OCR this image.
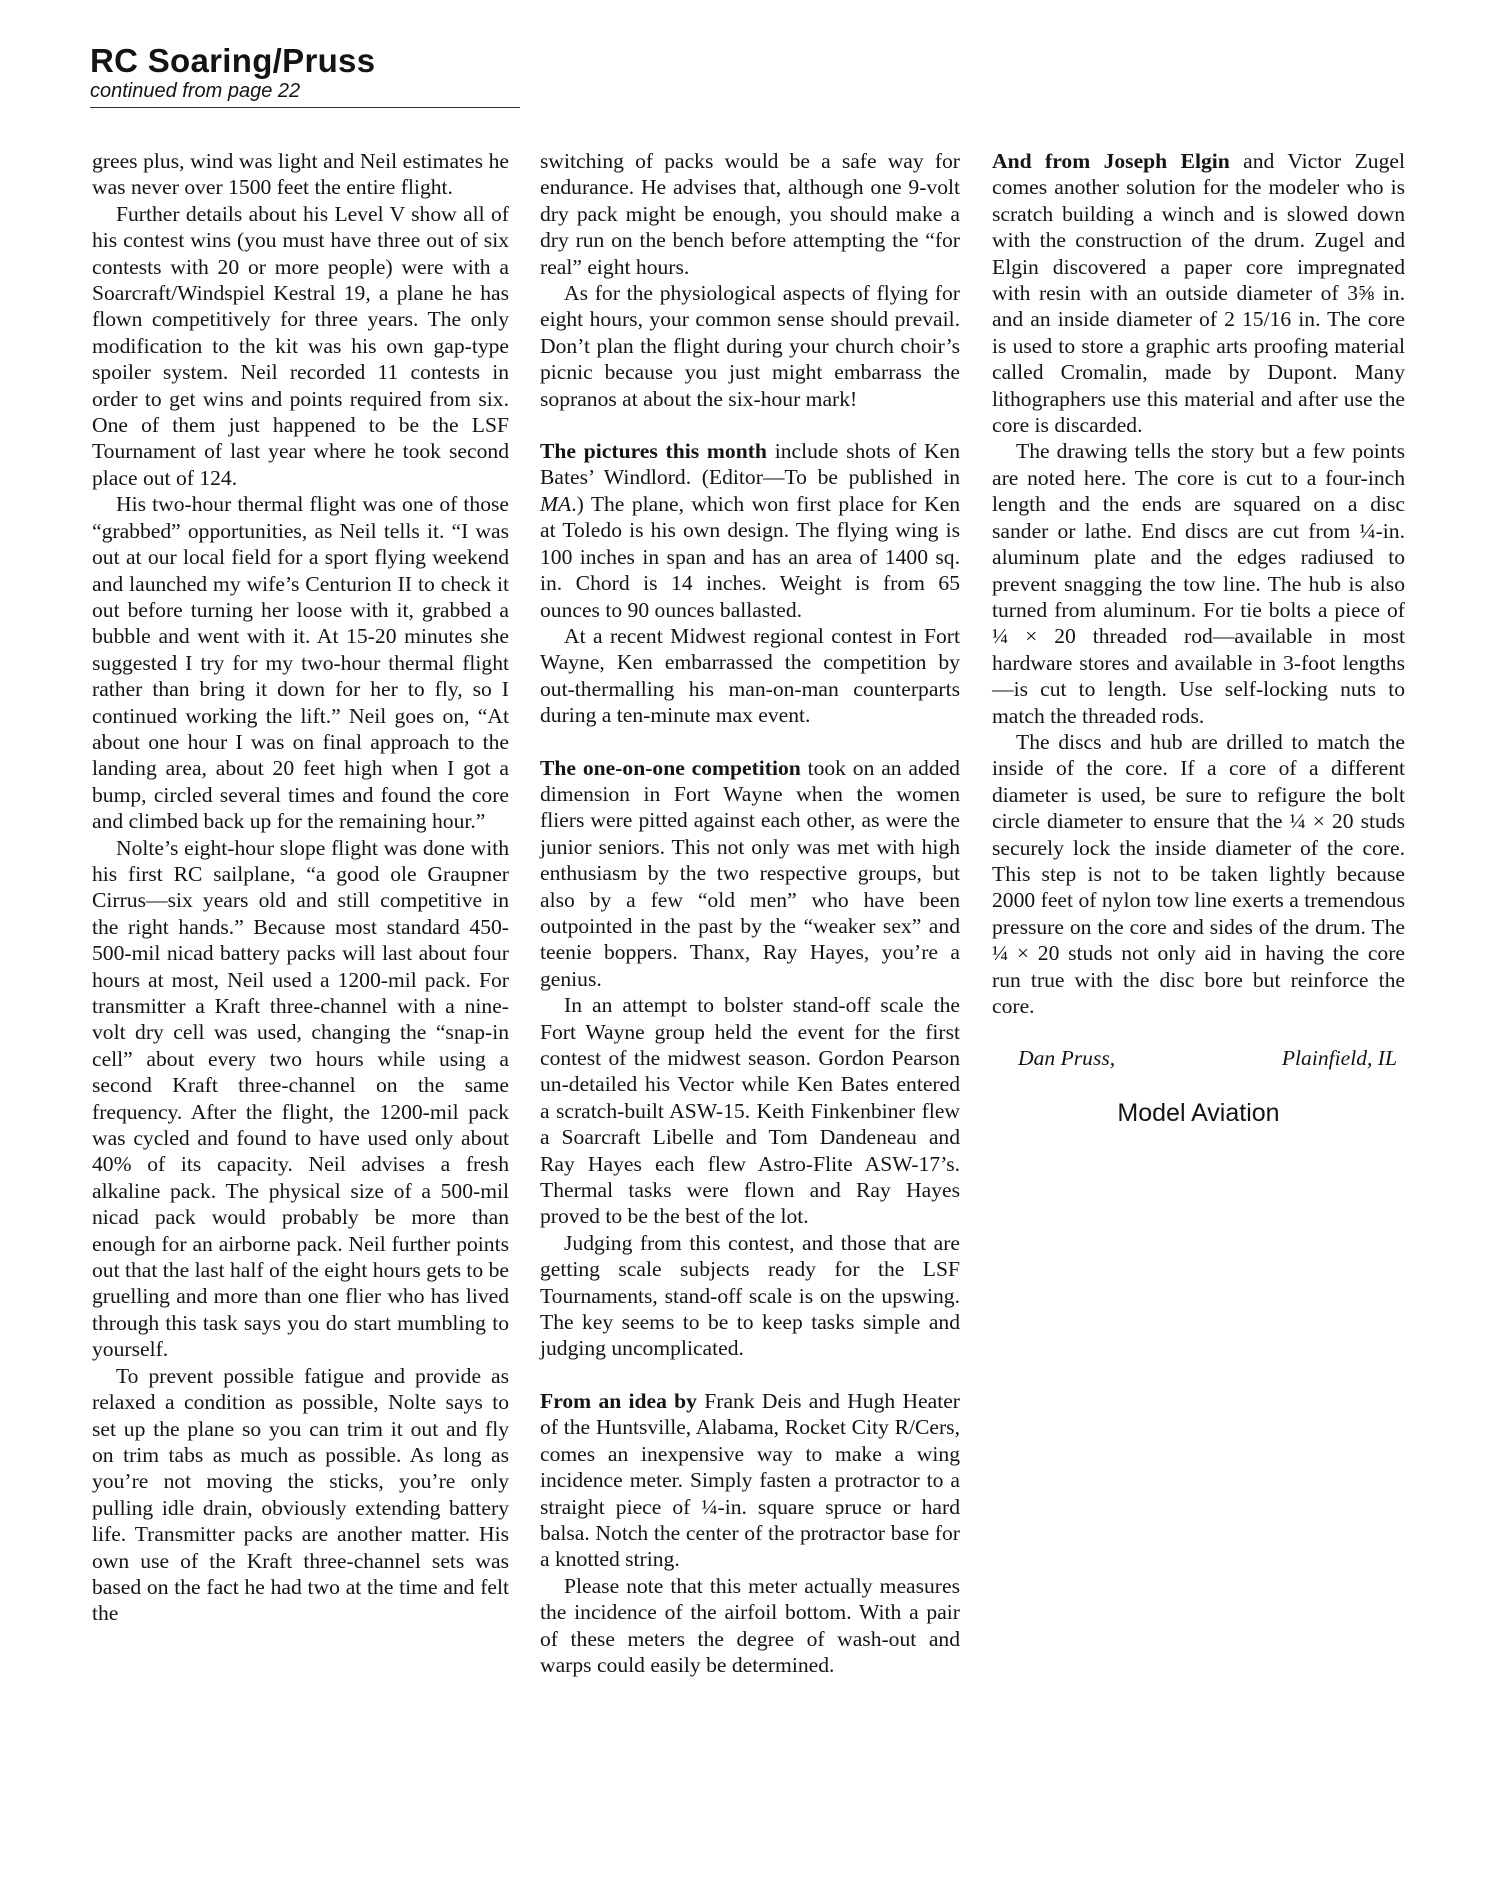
RC Soaring/Pruss

continued from page 22

grees plus, wind was light and Neil estimates he was never over 1500 feet the entire flight.

Further details about his Level V show all of his contest wins (you must have three out of six contests with 20 or more people) were with a Soarcraft/Windspiel Kestral 19, a plane he has flown competitively for three years. The only modification to the kit was his own gap-type spoiler system. Neil recorded 11 contests in order to get wins and points required from six. One of them just happened to be the LSF Tournament of last year where he took second place out of 124.

His two-hour thermal flight was one of those “grabbed” opportunities, as Neil tells it. “I was out at our local field for a sport flying weekend and launched my wife’s Centurion II to check it out before turning her loose with it, grabbed a bubble and went with it. At 15-20 minutes she suggested I try for my two-hour thermal flight rather than bring it down for her to fly, so I continued working the lift.” Neil goes on, “At about one hour I was on final approach to the landing area, about 20 feet high when I got a bump, circled several times and found the core and climbed back up for the remaining hour.”

Nolte’s eight-hour slope flight was done with his first RC sailplane, “a good ole Graupner Cirrus—six years old and still competitive in the right hands.” Because most standard 450-500-mil nicad battery packs will last about four hours at most, Neil used a 1200-mil pack. For transmitter a Kraft three-channel with a nine-volt dry cell was used, changing the “snap-in cell” about every two hours while using a second Kraft three-channel on the same frequency. After the flight, the 1200-mil pack was cycled and found to have used only about 40% of its capacity. Neil advises a fresh alkaline pack. The physical size of a 500-mil nicad pack would probably be more than enough for an airborne pack. Neil further points out that the last half of the eight hours gets to be gruelling and more than one flier who has lived through this task says you do start mumbling to yourself.

To prevent possible fatigue and provide as relaxed a condition as possible, Nolte says to set up the plane so you can trim it out and fly on trim tabs as much as possible. As long as you’re not moving the sticks, you’re only pulling idle drain, obviously extending battery life. Transmitter packs are another matter. His own use of the Kraft three-channel sets was based on the fact he had two at the time and felt the

switching of packs would be a safe way for endurance. He advises that, although one 9-volt dry pack might be enough, you should make a dry run on the bench before attempting the “for real” eight hours.

As for the physiological aspects of flying for eight hours, your common sense should prevail. Don’t plan the flight during your church choir’s picnic because you just might embarrass the sopranos at about the six-hour mark!

The pictures this month include shots of Ken Bates’ Windlord. (Editor—To be published in MA.) The plane, which won first place for Ken at Toledo is his own design. The flying wing is 100 inches in span and has an area of 1400 sq. in. Chord is 14 inches. Weight is from 65 ounces to 90 ounces ballasted.

At a recent Midwest regional contest in Fort Wayne, Ken embarrassed the competition by out-thermalling his man-on-man counterparts during a ten-minute max event.

The one-on-one competition took on an added dimension in Fort Wayne when the women fliers were pitted against each other, as were the junior seniors. This not only was met with high enthusiasm by the two respective groups, but also by a few “old men” who have been outpointed in the past by the “weaker sex” and teenie boppers. Thanx, Ray Hayes, you’re a genius.

In an attempt to bolster stand-off scale the Fort Wayne group held the event for the first contest of the midwest season. Gordon Pearson un-detailed his Vector while Ken Bates entered a scratch-built ASW-15. Keith Finkenbiner flew a Soarcraft Libelle and Tom Dandeneau and Ray Hayes each flew Astro-Flite ASW-17’s. Thermal tasks were flown and Ray Hayes proved to be the best of the lot.

Judging from this contest, and those that are getting scale subjects ready for the LSF Tournaments, stand-off scale is on the upswing. The key seems to be to keep tasks simple and judging uncomplicated.

From an idea by Frank Deis and Hugh Heater of the Huntsville, Alabama, Rocket City R/Cers, comes an inexpensive way to make a wing incidence meter. Simply fasten a protractor to a straight piece of ¼-in. square spruce or hard balsa. Notch the center of the protractor base for a knotted string.

Please note that this meter actually measures the incidence of the airfoil bottom. With a pair of these meters the degree of wash-out and warps could easily be determined.

And from Joseph Elgin and Victor Zugel comes another solution for the modeler who is scratch building a winch and is slowed down with the construction of the drum. Zugel and Elgin discovered a paper core impregnated with resin with an outside diameter of 3⅝ in. and an inside diameter of 2 15/16 in. The core is used to store a graphic arts proofing material called Cromalin, made by Dupont. Many lithographers use this material and after use the core is discarded.

The drawing tells the story but a few points are noted here. The core is cut to a four-inch length and the ends are squared on a disc sander or lathe. End discs are cut from ¼-in. aluminum plate and the edges radiused to prevent snagging the tow line. The hub is also turned from aluminum. For tie bolts a piece of ¼ × 20 threaded rod—available in most hardware stores and available in 3-foot lengths—is cut to length. Use self-locking nuts to match the threaded rods.

The discs and hub are drilled to match the inside of the core. If a core of a different diameter is used, be sure to refigure the bolt circle diameter to ensure that the ¼ × 20 studs securely lock the inside diameter of the core. This step is not to be taken lightly because 2000 feet of nylon tow line exerts a tremendous pressure on the core and sides of the drum. The ¼ × 20 studs not only aid in having the core run true with the disc bore but reinforce the core.

Dan Pruss,	Plainfield, IL
Model Aviation
